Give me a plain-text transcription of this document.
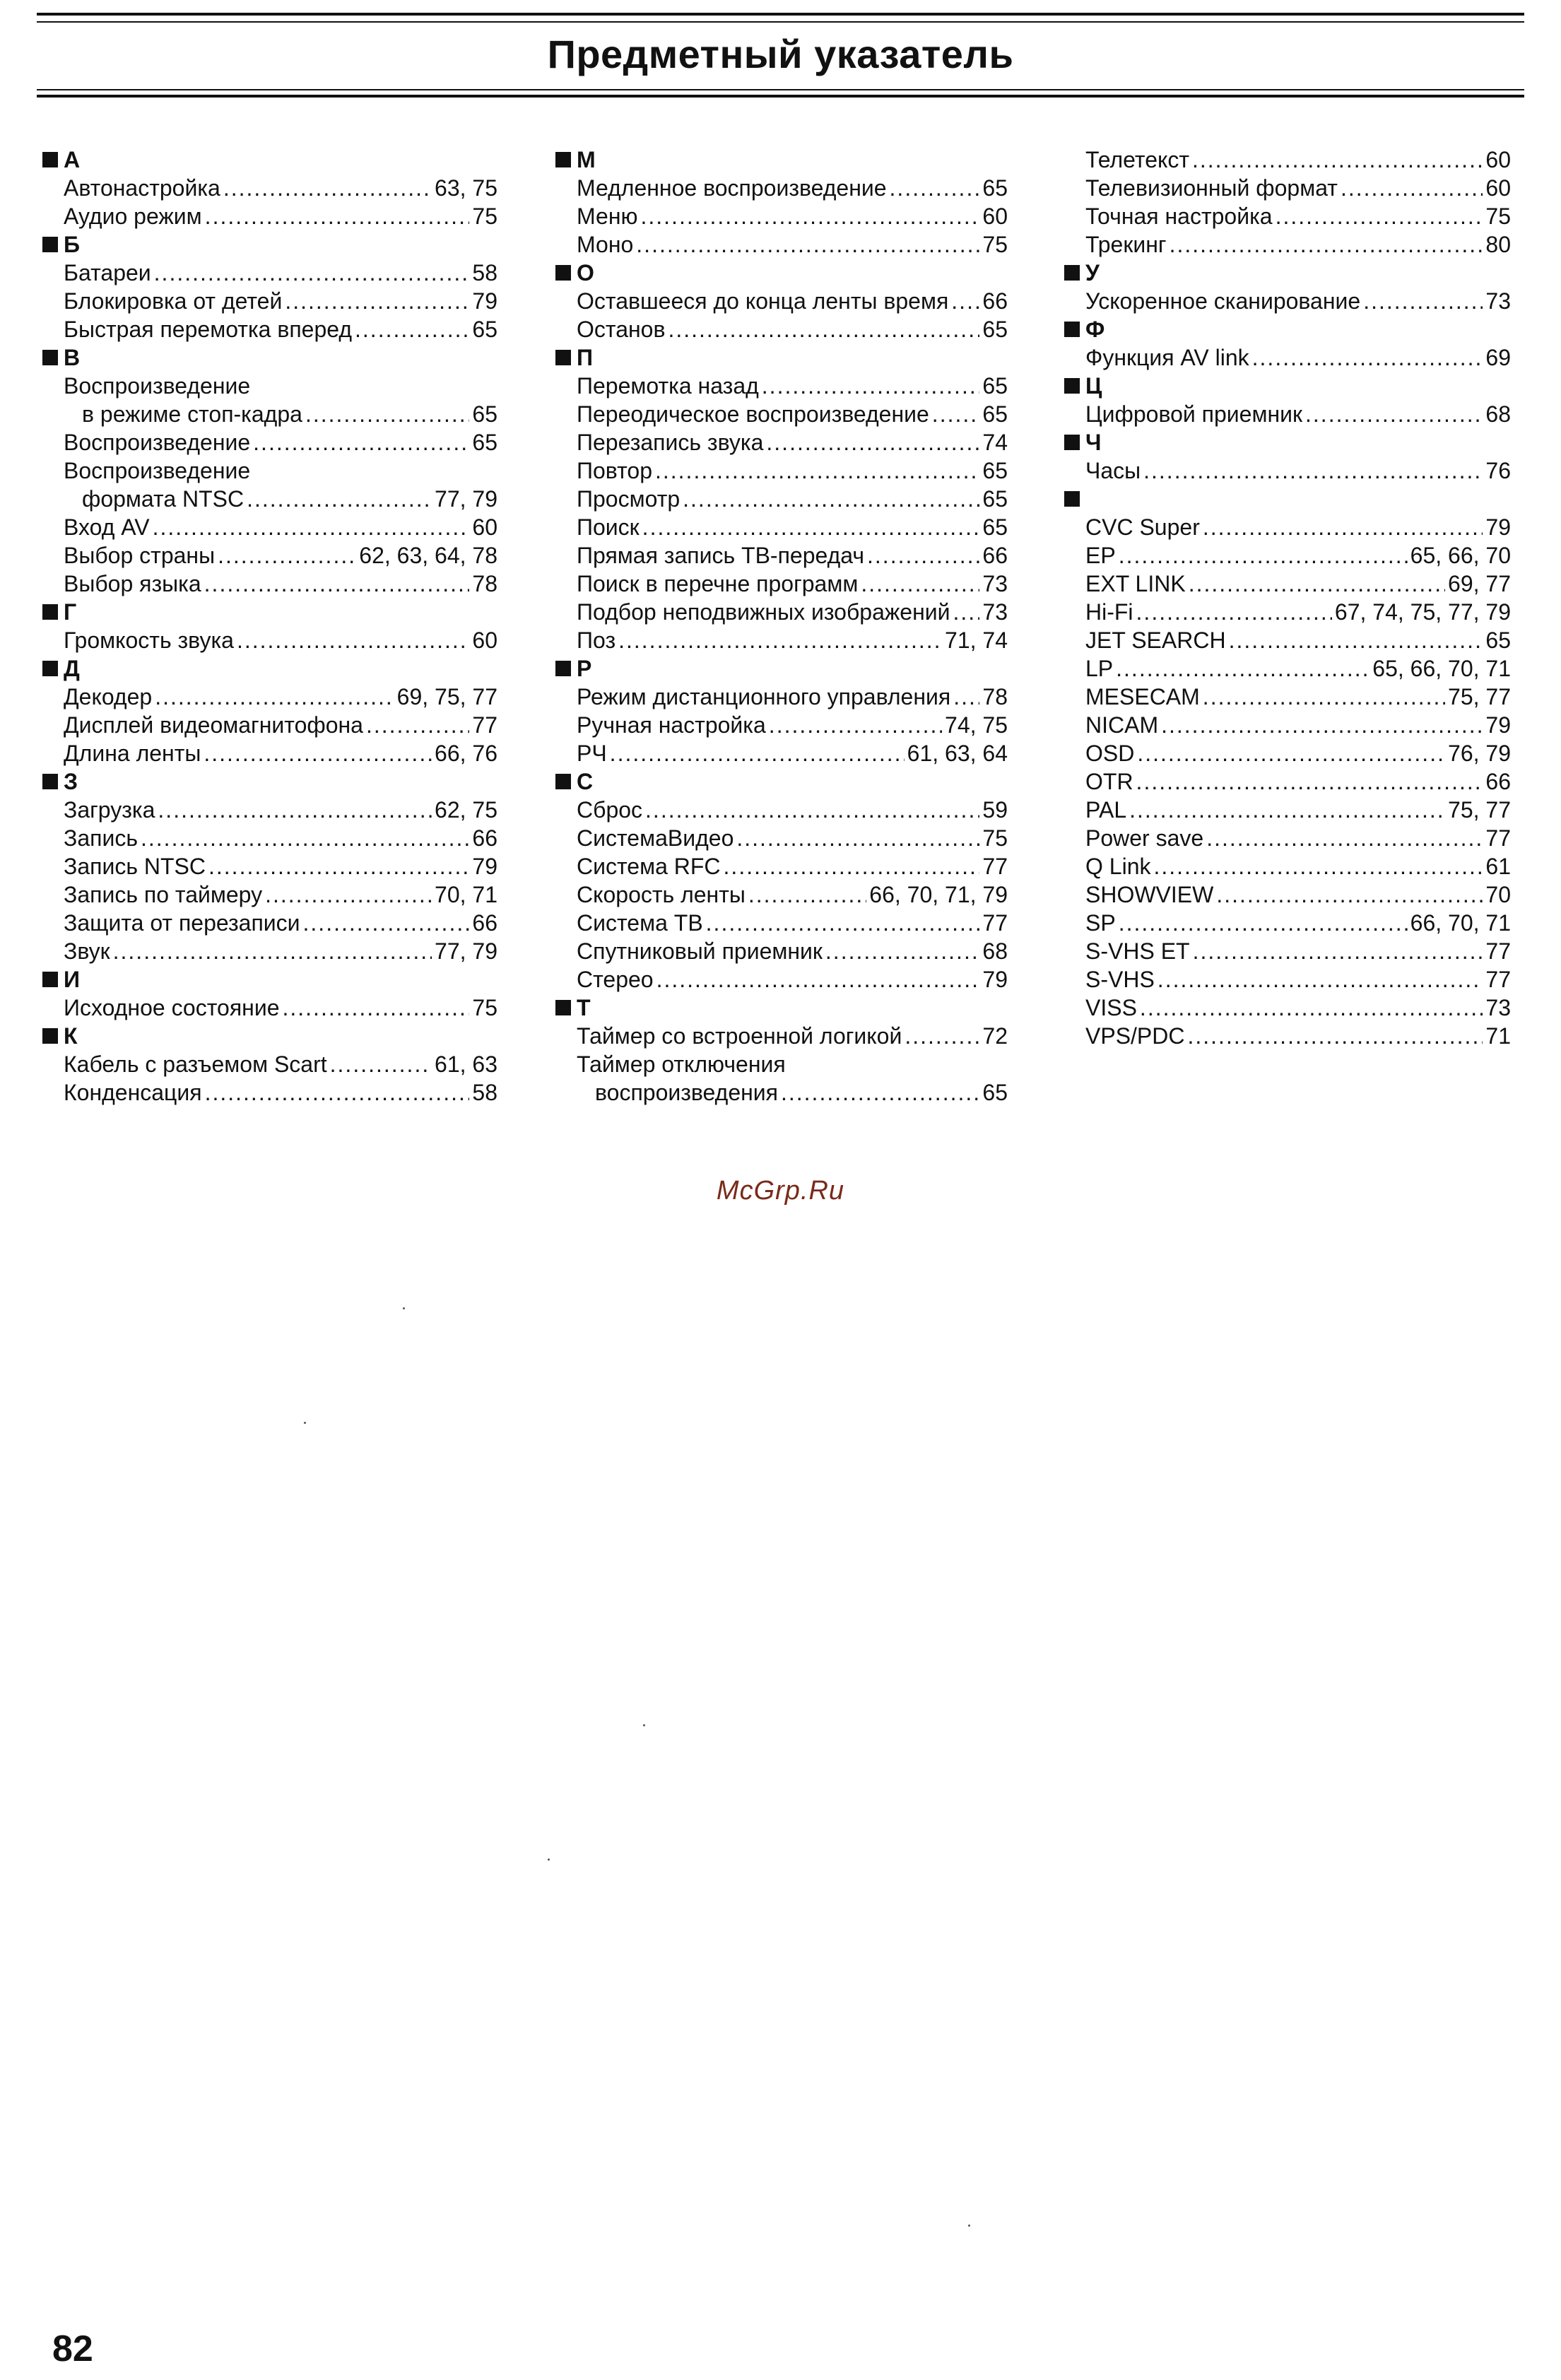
Предметный указатель
А
Автонастройка .....	63, 75
Аудио режим .....	75
Б
Батареи .....	58
Блокировка от детей .....	79
Быстрая перемотка вперед .....	65
В
Воспроизведение
в режиме стоп-кадра .....	65
Воспроизведение .....	65
Воспроизведение
формата NTSC .....	77, 79
Вход AV .....	60
Выбор страны .....	62, 63, 64, 78
Выбор языка .....	78
Г
Громкость звука .....	60
Д
Декодер .....	69, 75, 77
Дисплей видеомагнитофона .....	77
Длина ленты .....	66, 76
З
Загрузка .....	62, 75
Запись .....	66
Запись NTSC .....	79
Запись по таймеру .....	70, 71
Защита от перезаписи .....	66
Звук .....	77, 79
И
Исходное состояние .....	75
К
Кабель с разъемом Scart .....	61, 63
Конденсация .....	58
М
Медленное воспроизведение .....	65
Меню .....	60
Моно .....	75
О
Оставшееся до конца ленты время ..... 66
Останов .....	65
П
Перемотка назад .....	65
Переодическое воспроизведение ..... 65
Перезапись звука .....	74
Повтор .....	65
Просмотр .....	65
Поиск .....	65
Прямая запись ТВ-передач .....	66
Поиск в перечне программ .....	73
Подбор неподвижных изображений ..... 73
Поз .....	71, 74
Р
Режим дистанционного управления ..... 78
Ручная настройка .....	74, 75
РЧ .....	61, 63, 64
С
Сброс .....	59
СистемаВидео .....	75
Система RFC .....	77
Скорость ленты .....	66, 70, 71, 79
Система ТВ .....	77
Спутниковый приемник .....	68
Стерео .....	79
Т
Таймер со встроенной логикой .....	72
Таймер отключения
воспроизведения .....	65
Телетекст .....	60
Телевизионный формат .....	60
Точная настройка .....	75
Трекинг .....	80
У
Ускоренное сканирование .....	73
Ф
Функция AV link .....	69
Ц
Цифровой приемник .....	68
Ч
Часы .....	76
CVC Super .....	79
EP .....	65, 66, 70
EXT LINK .....	69, 77
Hi-Fi .....	67, 74, 75, 77, 79
JET SEARCH .....	65
LP .....	65, 66, 70, 71
MESECAM .....	75, 77
NICAM .....	79
OSD .....	76, 79
OTR .....	66
PAL .....	75, 77
Power save .....	77
Q Link .....	61
SHOWVIEW .....	70
SP .....	66, 70, 71
S-VHS ET .....	77
S-VHS .....	77
VISS .....	73
VPS/PDC .....	71
McGrp.Ru
82
